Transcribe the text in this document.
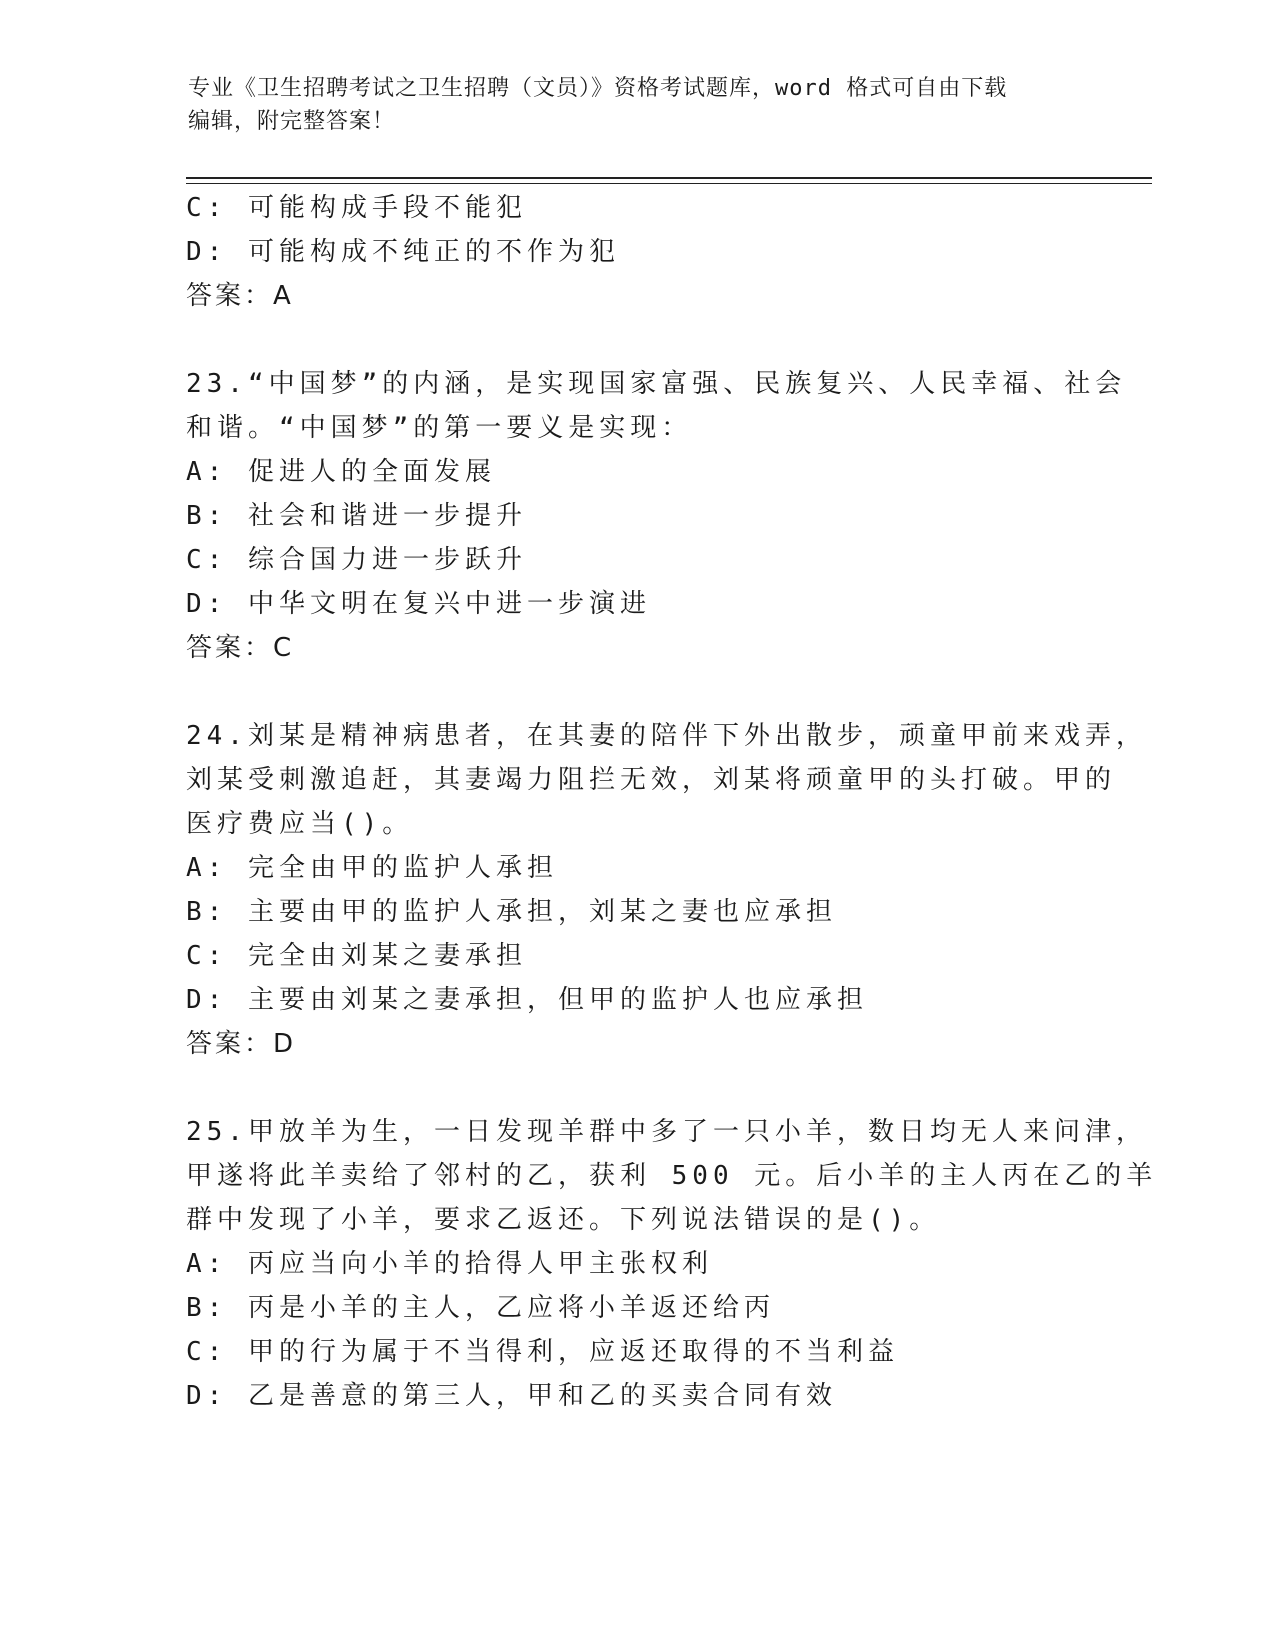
专业《卫生招聘考试之卫生招聘（文员）》资格考试题库，word 格式可自由下载
编辑，附完整答案！
C: 可能构成手段不能犯
D: 可能构成不纯正的不作为犯
答案：A
23.“中国梦”的内涵，是实现国家富强、民族复兴、人民幸福、社会
和谐。“中国梦”的第一要义是实现：
A: 促进人的全面发展
B: 社会和谐进一步提升
C: 综合国力进一步跃升
D: 中华文明在复兴中进一步演进
答案：C
24.刘某是精神病患者，在其妻的陪伴下外出散步，顽童甲前来戏弄，
刘某受刺激追赶，其妻竭力阻拦无效，刘某将顽童甲的头打破。甲的
医疗费应当()。
A: 完全由甲的监护人承担
B: 主要由甲的监护人承担，刘某之妻也应承担
C: 完全由刘某之妻承担
D: 主要由刘某之妻承担，但甲的监护人也应承担
答案：D
25.甲放羊为生，一日发现羊群中多了一只小羊，数日均无人来问津，
甲遂将此羊卖给了邻村的乙，获利 500 元。后小羊的主人丙在乙的羊
群中发现了小羊，要求乙返还。下列说法错误的是()。
A: 丙应当向小羊的拾得人甲主张权利
B: 丙是小羊的主人，乙应将小羊返还给丙
C: 甲的行为属于不当得利，应返还取得的不当利益
D: 乙是善意的第三人，甲和乙的买卖合同有效
